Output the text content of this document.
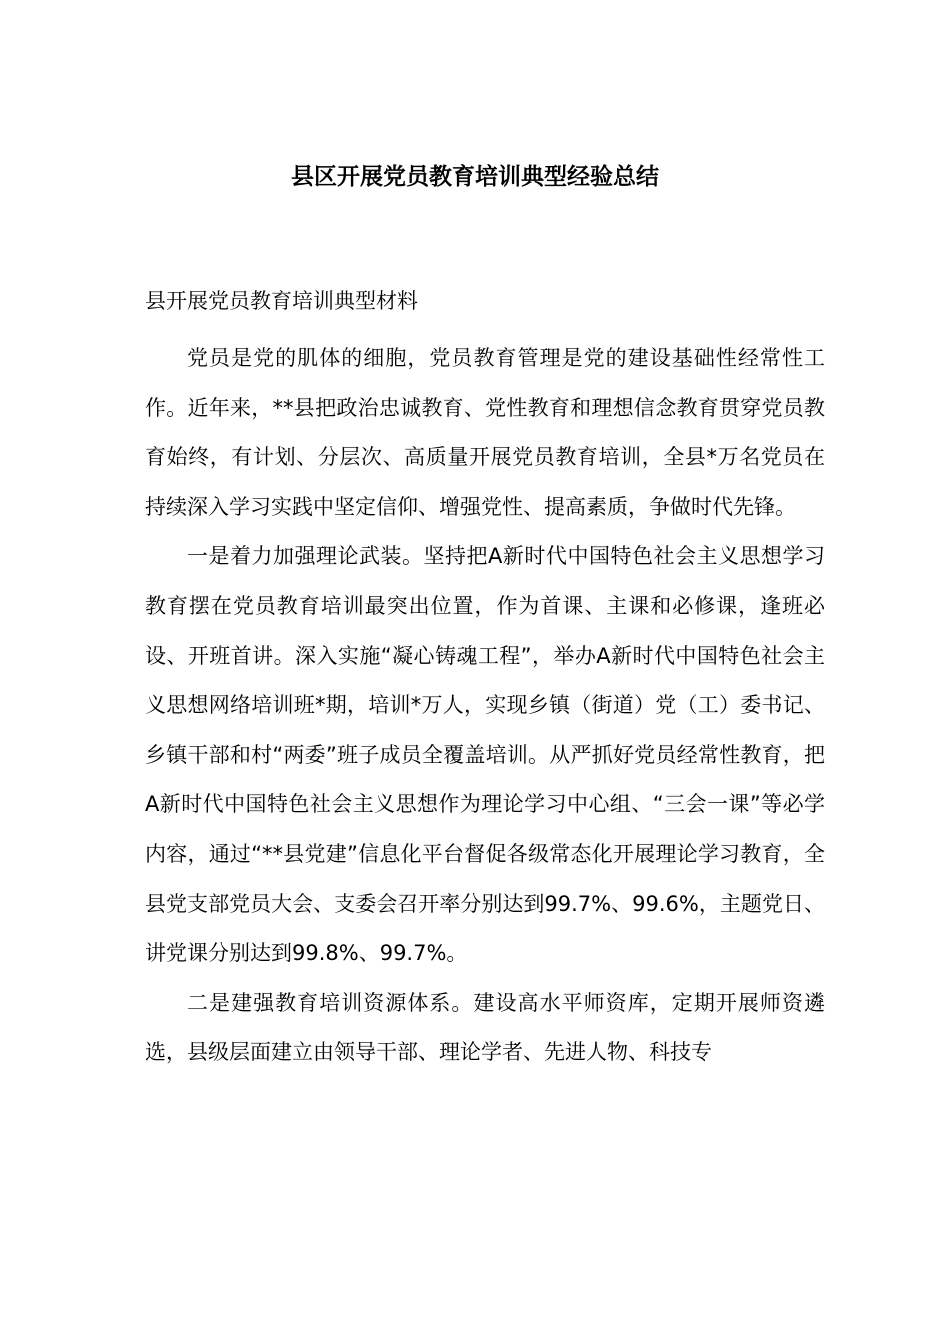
县区开展党员教育培训典型经验总结

县开展党员教育培训典型材料

党员是党的肌体的细胞，党员教育管理是党的建设基础性经常性工作。近年来，**县把政治忠诚教育、党性教育和理想信念教育贯穿党员教育始终，有计划、分层次、高质量开展党员教育培训，全县*万名党员在持续深入学习实践中坚定信仰、增强党性、提高素质，争做时代先锋。

一是着力加强理论武装。坚持把A新时代中国特色社会主义思想学习教育摆在党员教育培训最突出位置，作为首课、主课和必修课，逢班必设、开班首讲。深入实施“凝心铸魂工程”，举办A新时代中国特色社会主义思想网络培训班*期，培训*万人，实现乡镇（街道）党（工）委书记、乡镇干部和村“两委”班子成员全覆盖培训。从严抓好党员经常性教育，把A新时代中国特色社会主义思想作为理论学习中心组、“三会一课”等必学内容，通过“**县党建”信息化平台督促各级常态化开展理论学习教育，全县党支部党员大会、支委会召开率分别达到99.7%、99.6%，主题党日、讲党课分别达到99.8%、99.7%。

二是建强教育培训资源体系。建设高水平师资库，定期开展师资遴选，县级层面建立由领导干部、理论学者、先进人物、科技专
